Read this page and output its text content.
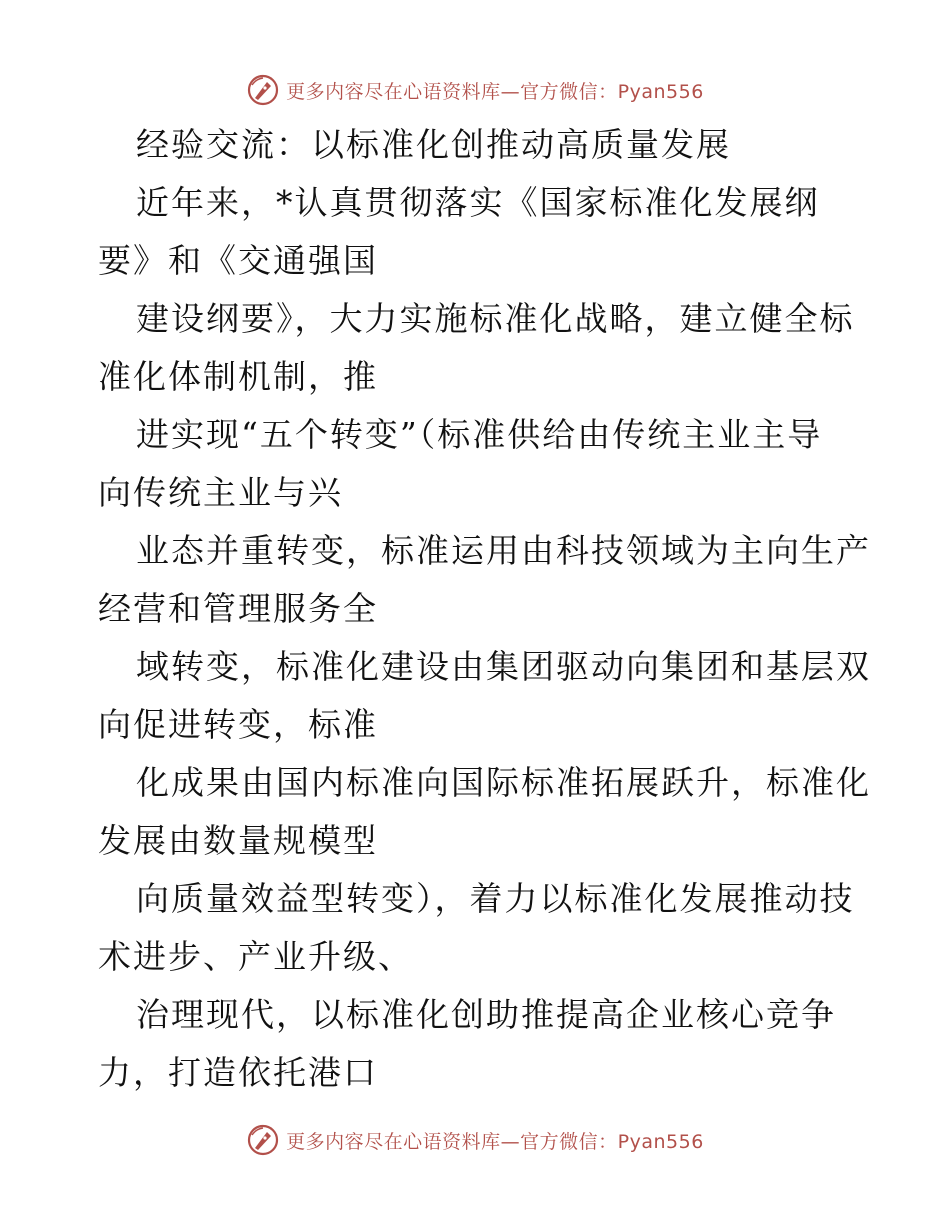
更多内容尽在心语资料库—官方微信：Pyan556
经验交流：以标准化创推动高质量发展
近年来，*认真贯彻落实《国家标准化发展纲
要》和《交通强国
建设纲要》，大力实施标准化战略，建立健全标
准化体制机制，推
进实现“五个转变”（标准供给由传统主业主导
向传统主业与兴
业态并重转变，标准运用由科技领域为主向生产
经营和管理服务全
域转变，标准化建设由集团驱动向集团和基层双
向促进转变，标准
化成果由国内标准向国际标准拓展跃升，标准化
发展由数量规模型
向质量效益型转变），着力以标准化发展推动技
术进步、产业升级、
治理现代，以标准化创助推提高企业核心竞争
力，打造依托港口
更多内容尽在心语资料库—官方微信：Pyan556
